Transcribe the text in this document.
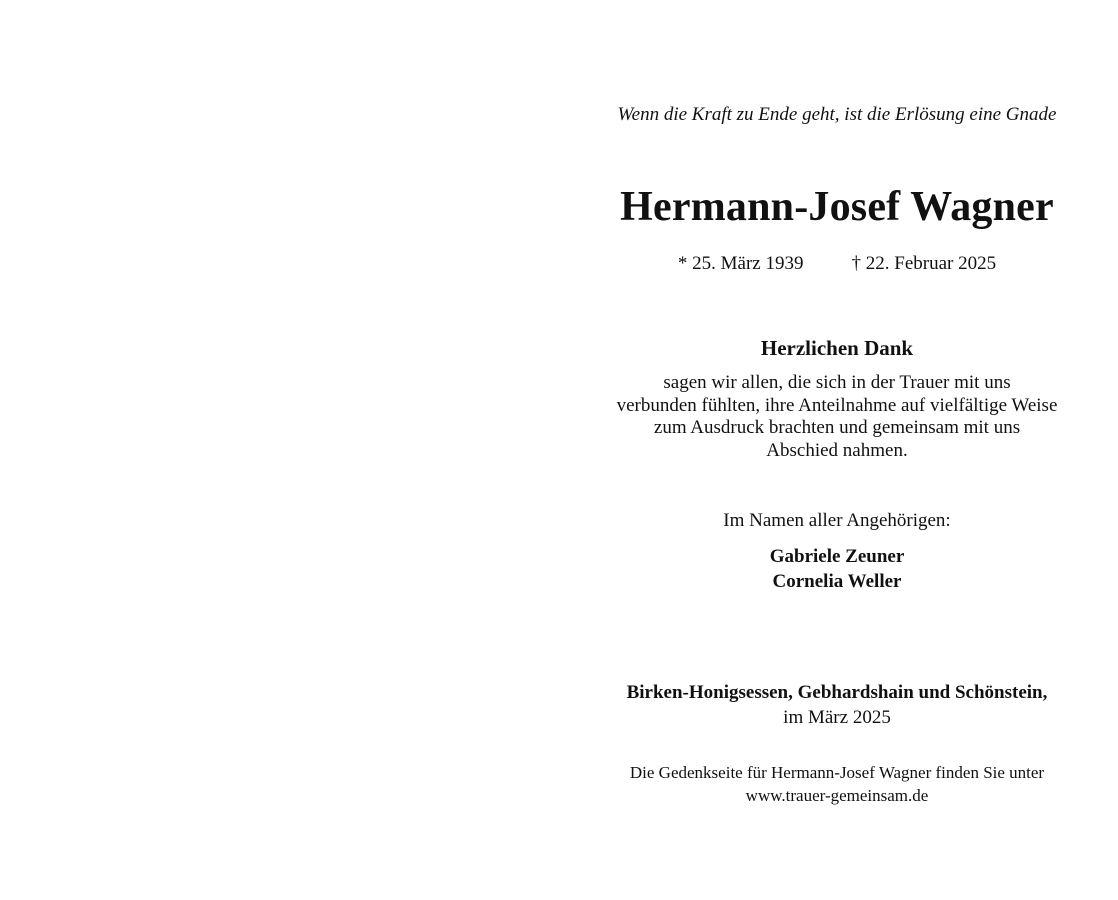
Wenn die Kraft zu Ende geht, ist die Erlösung eine Gnade
Hermann-Josef Wagner
* 25. März 1939	† 22. Februar 2025
Herzlichen Dank
sagen wir allen, die sich in der Trauer mit uns
verbunden fühlten, ihre Anteilnahme auf vielfältige Weise
zum Ausdruck brachten und gemeinsam mit uns
Abschied nahmen.
Im Namen aller Angehörigen:
Gabriele Zeuner
Cornelia Weller
Birken-Honigsessen, Gebhardshain und Schönstein,
im März 2025
Die Gedenkseite für Hermann-Josef Wagner finden Sie unter
www.trauer-gemeinsam.de
